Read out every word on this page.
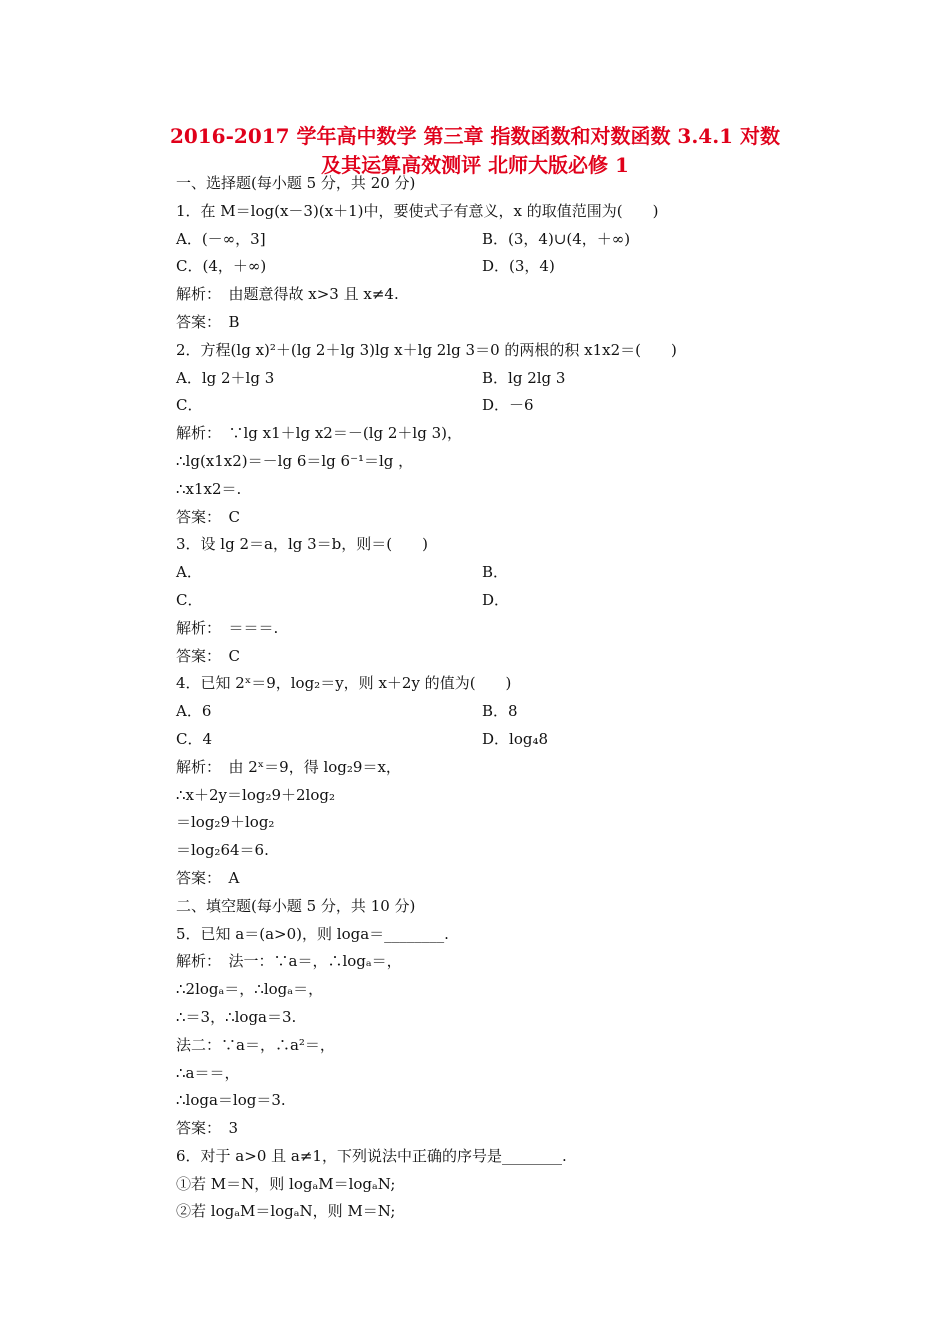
2016-2017 学年高中数学 第三章 指数函数和对数函数 3.4.1 对数
及其运算高效测评 北师大版必修 1
一、选择题(每小题 5 分，共 20 分)
1．在 M＝log(x－3)(x＋1)中，要使式子有意义，x 的取值范围为(　　)
A．(－∞，3]	B．(3，4)∪(4，＋∞)
C．(4，＋∞)	D．(3，4)
解析：　由题意得故 x>3 且 x≠4.
答案：　B
2．方程(lg x)²＋(lg 2＋lg 3)lg x＋lg 2lg 3＝0 的两根的积 x1x2＝(　　)
A．lg 2＋lg 3	B．lg 2lg 3
C．	D．－6
解析：　∵lg x1＋lg x2＝－(lg 2＋lg 3)，
∴lg(x1x2)＝－lg 6＝lg 6⁻¹＝lg ，
∴x1x2＝.
答案：　C
3．设 lg 2＝a，lg 3＝b，则＝(　　)
A．	B．
C．	D．
解析：　＝＝＝.
答案：　C
4．已知 2ˣ＝9，log₂＝y，则 x＋2y 的值为(　　)
A．6	B．8
C．4	D．log₄8
解析：　由 2ˣ＝9，得 log₂9＝x，
∴x＋2y＝log₂9＋2log₂
＝log₂9＋log₂
＝log₂64＝6.
答案：　A
二、填空题(每小题 5 分，共 10 分)
5．已知 a＝(a>0)，则 loga＝________.
解析：　法一：∵a＝，∴logₐ＝，
∴2logₐ＝，∴logₐ＝，
∴＝3，∴loga＝3.
法二：∵a＝，∴a²＝，
∴a＝＝，
∴loga＝log＝3.
答案：　3
6．对于 a>0 且 a≠1，下列说法中正确的序号是________.
①若 M＝N，则 logₐM＝logₐN;
②若 logₐM＝logₐN，则 M＝N;
